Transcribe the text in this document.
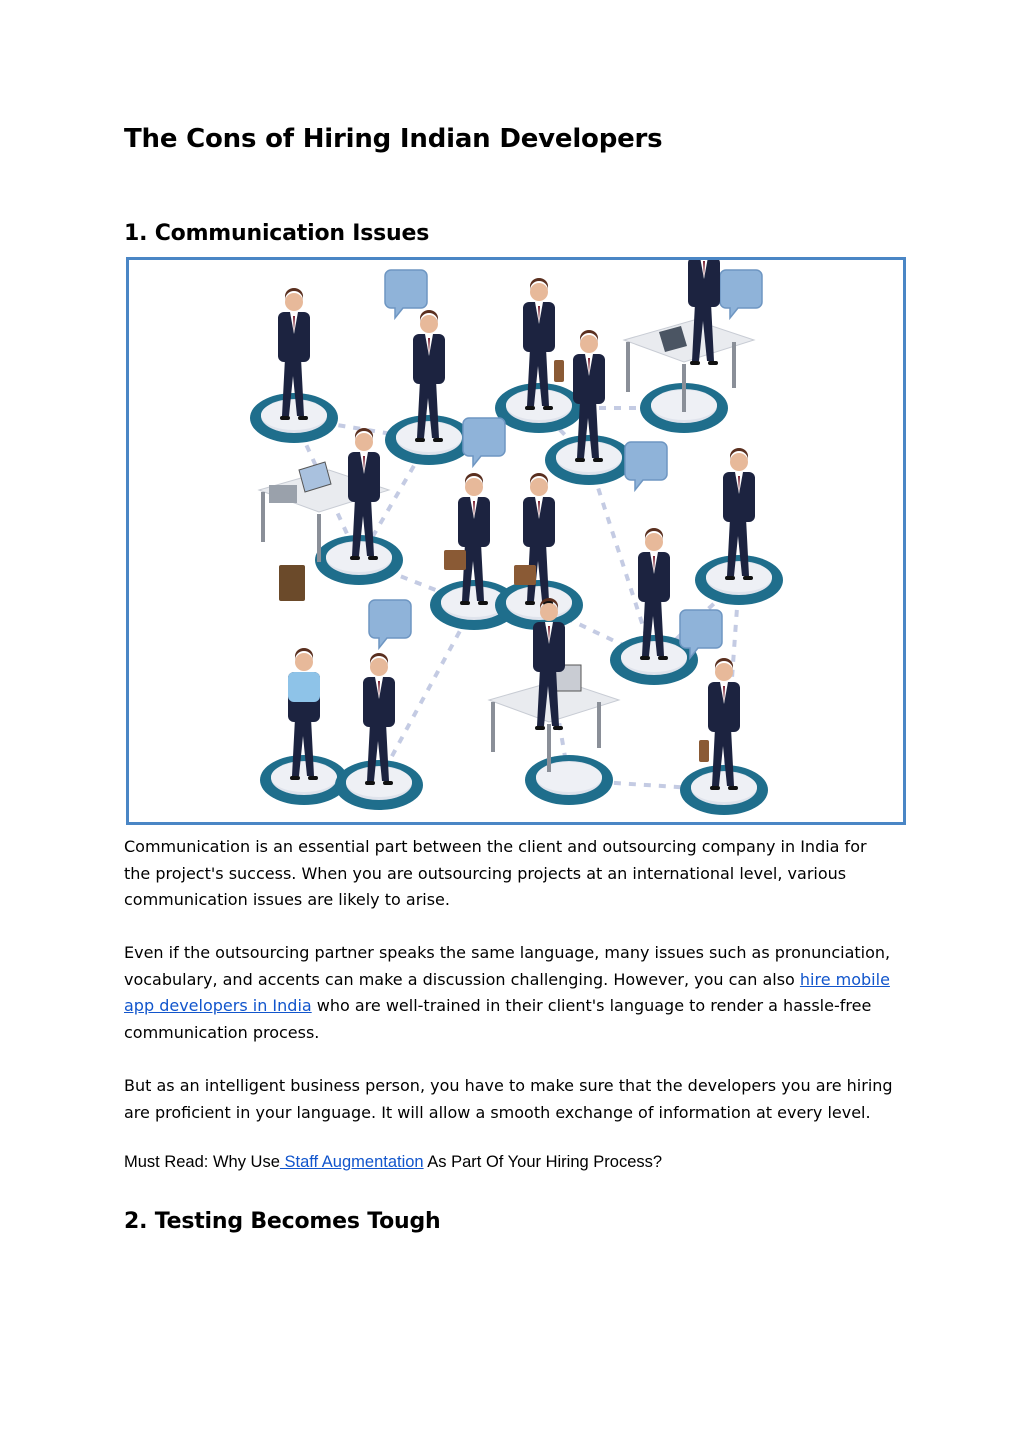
The Cons of Hiring Indian Developers
1. Communication Issues

Communication is an essential part between the client and outsourcing company in India for the project's success. When you are outsourcing projects at an international level, various communication issues are likely to arise.

Even if the outsourcing partner speaks the same language, many issues such as pronunciation, vocabulary, and accents can make a discussion challenging. However, you can also hire mobile app developers in India who are well-trained in their client's language to render a hassle-free communication process.

But as an intelligent business person, you have to make sure that the developers you are hiring are proficient in your language. It will allow a smooth exchange of information at every level.

Must Read: Why Use Staff Augmentation As Part Of Your Hiring Process?

2. Testing Becomes Tough
